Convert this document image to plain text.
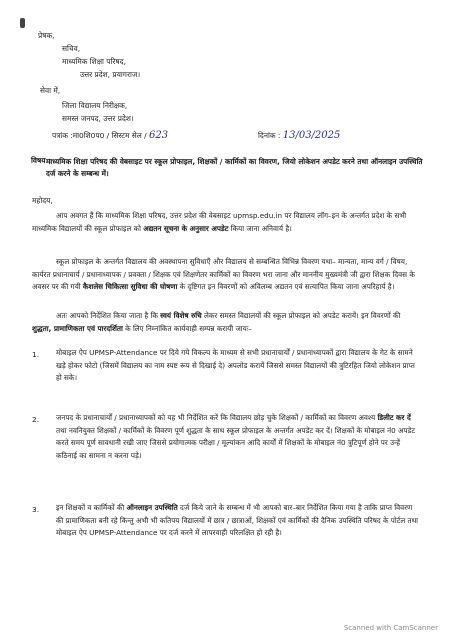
प्रेषक,
सचिव,
माध्यमिक शिक्षा परिषद,
उत्तर प्रदेश, प्रयागराज।
सेवा में,
जिला विद्यालय निरीक्षक,
समस्त जनपद, उत्तर प्रदेश।
पत्रांक :मा0शि0प0 / सिस्टम सेल / 623	दिनांक : 13/03/2025
विषय :
माध्यमिक शिक्षा परिषद की वेबसाइट पर स्कूल प्रोफाइल, शिक्षकों / कार्मिकों का विवरण, जियो लोकेशन अपडेट करने तथा ऑनलाइन उपस्थिति दर्ज करने के सम्बन्ध में।
महोदय,
आप अवगत हैं कि माध्यमिक शिक्षा परिषद, उत्तर प्रदेश की वेबसाइट upmsp.edu.in पर विद्यालय लॉग–इन के अन्तर्गत प्रदेश के सभी माध्यमिक विद्यालयों की स्कूल प्रोफाइल को अद्यतन सूचना के अनुसार अपडेट किया जाना अनिवार्य है।
स्कूल प्रोफाइल के अन्तर्गत विद्यालय की अवस्थापना सुविधाएँ और विद्यालय से सम्बन्धित विभिन्न विवरण यथा– मान्यता, मान्य वर्ग / विषय, कार्यरत प्रधानाचार्य / प्रधानाध्यापक / प्रवक्ता / शिक्षक एवं शिक्षणेतर कार्मिकों का विवरण भरा जाना और माननीय मुख्यमंत्री जी द्वारा शिक्षक दिवस के अवसर पर की गयी कैशलेस चिकित्सा सुविधा की घोषणा के दृष्टिगत इन विवरणों को अविलम्ब अद्यतन एवं सत्यापित किया जाना अपरिहार्य है।
अतः आपको निर्देशित किया जाता है कि स्वयं विशेष रुचि लेकर समस्त विद्यालयों की स्कूल प्रोफाइल को अपडेट करायें। इन विवरणों की शुद्धता, प्रामाणिकता एवं पारदर्शिता के लिए निम्नांकित कार्यवाही सम्पन्न करायी जायः–
1. मोबाइल ऐप UPMSP-Attendance पर दिये गये विकल्प के माध्यम से सभी प्रधानाचार्यों / प्रधानाध्यापकों द्वारा विद्यालय के गेट के सामने खड़े होकर फोटो (जिसमें विद्यालय का नाम स्पष्ट रूप से दिखाई दे) अपलोड करायें जिससे समस्त विद्यालयों की त्रुटिरहित जियो लोकेशन प्राप्त हो सके।
2. जनपद के प्रधानाचार्यों / प्रधानाध्यापकों को यह भी निर्देशित करें कि विद्यालय छोड़ चुके शिक्षकों / कार्मिकों का विवरण अवश्य डिलीट कर दें तथा नवनियुक्त शिक्षकों / कार्मिकों के विवरण पूर्ण शुद्धता के साथ स्कूल प्रोफाइल के अन्तर्गत अपडेट कर दें। शिक्षकों के मोबाइल नं0 अपडेट करते समय पूर्ण सावधानी रखी जाए जिससे प्रयोगात्मक परीक्षा / मूल्यांकन आदि कार्यों में शिक्षकों के मोबाइल नं0 त्रुटिपूर्ण होने पर उन्हें कठिनाई का सामना न करना पड़े।
3. इन शिक्षकों व कार्मिकों की ऑनलाइन उपस्थिति दर्ज किये जाने के सम्बन्ध में भी आपको बार–बार निर्देशित किया गया है ताकि प्राप्त विवरण की प्रामाणिकता बनी रहे किन्तु अभी भी कतिपय विद्यालयों में छात्र / छात्राओं, शिक्षकों एवं कार्मिकों की दैनिक उपस्थिति परिषद के पोर्टल तथा मोबाइल ऐप UPMSP-Attendance पर दर्ज करने में लापरवाही परिलक्षित हो रही है।
Scanned with CamScanner
